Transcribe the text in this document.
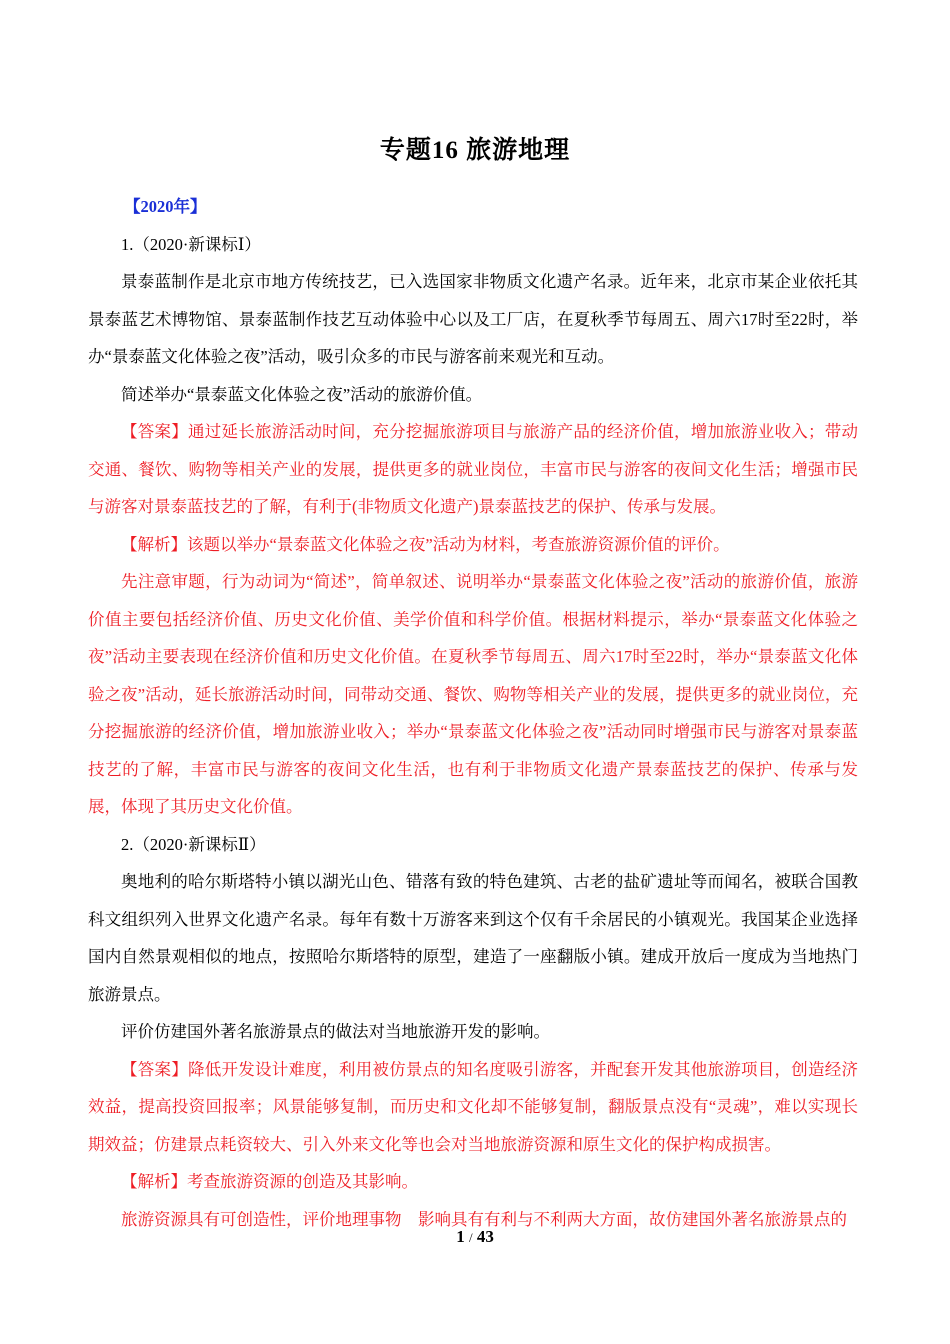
专题16 旅游地理
【2020年】
1.（2020·新课标Ⅰ）

景泰蓝制作是北京市地方传统技艺，已入选国家非物质文化遗产名录。近年来，北京市某企业依托其景泰蓝艺术博物馆、景泰蓝制作技艺互动体验中心以及工厂店，在夏秋季节每周五、周六17时至22时，举办“景泰蓝文化体验之夜”活动，吸引众多的市民与游客前来观光和互动。

简述举办“景泰蓝文化体验之夜”活动的旅游价值。

【答案】通过延长旅游活动时间，充分挖掘旅游项目与旅游产品的经济价值，增加旅游业收入；带动交通、餐饮、购物等相关产业的发展，提供更多的就业岗位，丰富市民与游客的夜间文化生活；增强市民与游客对景泰蓝技艺的了解，有利于(非物质文化遗产)景泰蓝技艺的保护、传承与发展。

【解析】该题以举办“景泰蓝文化体验之夜”活动为材料，考查旅游资源价值的评价。

先注意审题，行为动词为“简述”，简单叙述、说明举办“景泰蓝文化体验之夜”活动的旅游价值，旅游价值主要包括经济价值、历史文化价值、美学价值和科学价值。根据材料提示，举办“景泰蓝文化体验之夜”活动主要表现在经济价值和历史文化价值。在夏秋季节每周五、周六17时至22时，举办“景泰蓝文化体验之夜”活动，延长旅游活动时间，同带动交通、餐饮、购物等相关产业的发展，提供更多的就业岗位，充分挖掘旅游的经济价值，增加旅游业收入；举办“景泰蓝文化体验之夜”活动同时增强市民与游客对景泰蓝技艺的了解，丰富市民与游客的夜间文化生活，也有利于非物质文化遗产景泰蓝技艺的保护、传承与发展，体现了其历史文化价值。

2.（2020·新课标Ⅱ）

奥地利的哈尔斯塔特小镇以湖光山色、错落有致的特色建筑、古老的盐矿遗址等而闻名，被联合国教科文组织列入世界文化遗产名录。每年有数十万游客来到这个仅有千余居民的小镇观光。我国某企业选择国内自然景观相似的地点，按照哈尔斯塔特的原型，建造了一座翻版小镇。建成开放后一度成为当地热门旅游景点。

评价仿建国外著名旅游景点的做法对当地旅游开发的影响。

【答案】降低开发设计难度，利用被仿景点的知名度吸引游客，并配套开发其他旅游项目，创造经济效益，提高投资回报率；风景能够复制，而历史和文化却不能够复制，翻版景点没有“灵魂”，难以实现长期效益；仿建景点耗资较大、引入外来文化等也会对当地旅游资源和原生文化的保护构成损害。

【解析】考查旅游资源的创造及其影响。

旅游资源具有可创造性，评价地理事物　影响具有有利与不利两大方面，故仿建国外著名旅游景点的

1 / 43
